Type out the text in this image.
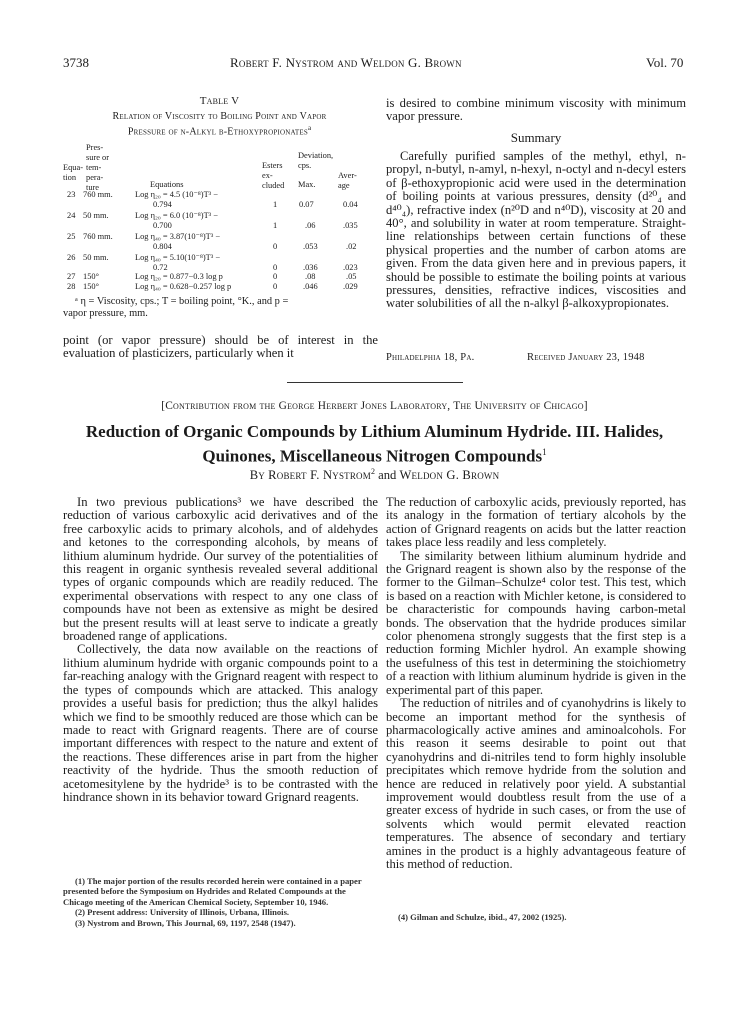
3738	Robert F. Nystrom and Weldon G. Brown	Vol. 70
Table V
Relation of Viscosity to Boiling Point and Vapor
Pressure of n-Alkyl β-Ethoxypropionates$^a$
Equa-
tion
Pres-
sure or
tem-
pera-
ture	Equations
Esters
ex-
cluded
Deviation,
cps.
Max.
Aver-
age
23 760 mm.	Log η₂₀ = 4.5 (10⁻⁸)T³ −
0.794	1	0.07	0.04
24 50 mm.	Log η₂₀ = 6.0 (10⁻⁸)T³ −
0.700	1	.06	.035
25 760 mm.	Log η₄₀ = 3.87(10⁻⁸)T³ −
0.804	0	.053	.02
26 50 mm.	Log η₄₀ = 5.10(10⁻⁸)T³ −
0.72	0	.036	.023
27 150°	Log η₂₀ = 0.877−0.3 log p	0	.08	.05
28 150°	Log η₄₀ = 0.628−0.257 log p	0	.046	.029
ᵃ η = Viscosity, cps.; T = boiling point, °K., and p =
vapor pressure, mm.
point (or vapor pressure) should be of interest in the evaluation of plasticizers, particularly when it
is desired to combine minimum viscosity with minimum vapor pressure.
Summary
Carefully purified samples of the methyl, ethyl, n-propyl, n-butyl, n-amyl, n-hexyl, n-octyl and n-decyl esters of β-ethoxypropionic acid were used in the determination of boiling points at various pressures, density (d²⁰₄ and d⁴⁰₄), refractive index (n²⁰D and n⁴⁰D), viscosity at 20 and 40°, and solubility in water at room temperature. Straight-line relationships between certain functions of these physical properties and the number of carbon atoms are given. From the data given here and in previous papers, it should be possible to estimate the boiling points at various pressures, densities, refractive indices, viscosities and water solubilities of all the n-alkyl β-alkoxypropionates.
Philadelphia 18, Pa.	Received January 23, 1948
[Contribution from the George Herbert Jones Laboratory, The University of Chicago]
Reduction of Organic Compounds by Lithium Aluminum Hydride. III. Halides,
Quinones, Miscellaneous Nitrogen Compounds$^1$
By Robert F. Nystrom$^2$ and Weldon G. Brown

In two previous publications³ we have described the reduction of various carboxylic acid derivatives and of the free carboxylic acids to primary alcohols, and of aldehydes and ketones to the corresponding alcohols, by means of lithium aluminum hydride. Our survey of the potentialities of this reagent in organic synthesis revealed several additional types of organic compounds which are readily reduced. The experimental observations with respect to any one class of compounds have not been as extensive as might be desired but the present results will at least serve to indicate a greatly broadened range of applications.

Collectively, the data now available on the reactions of lithium aluminum hydride with organic compounds point to a far-reaching analogy with the Grignard reagent with respect to the types of compounds which are attacked. This analogy provides a useful basis for prediction; thus the alkyl halides which we find to be smoothly reduced are those which can be made to react with Grignard reagents. There are of course important differences with respect to the nature and extent of the reactions. These differences arise in part from the higher reactivity of the hydride. Thus the smooth reduction of acetomesitylene by the hydride³ is to be contrasted with the hindrance shown in its behavior toward Grignard reagents.

(1) The major portion of the results recorded herein were contained in a paper presented before the Symposium on Hydrides and Related Compounds at the Chicago meeting of the American Chemical Society, September 10, 1946.

(2) Present address: University of Illinois, Urbana, Illinois.

(3) Nystrom and Brown, This Journal, 69, 1197, 2548 (1947).

The reduction of carboxylic acids, previously reported, has its analogy in the formation of tertiary alcohols by the action of Grignard reagents on acids but the latter reaction takes place less readily and less completely.

The similarity between lithium aluminum hydride and the Grignard reagent is shown also by the response of the former to the Gilman–Schulze⁴ color test. This test, which is based on a reaction with Michler ketone, is considered to be characteristic for compounds having carbon-metal bonds. The observation that the hydride produces similar color phenomena strongly suggests that the first step is a reduction forming Michler hydrol. An example showing the usefulness of this test in determining the stoichiometry of a reaction with lithium aluminum hydride is given in the experimental part of this paper.

The reduction of nitriles and of cyanohydrins is likely to become an important method for the synthesis of pharmacologically active amines and aminoalcohols. For this reason it seems desirable to point out that cyanohydrins and di-nitriles tend to form highly insoluble precipitates which remove hydride from the solution and hence are reduced in relatively poor yield. A substantial improvement would doubtless result from the use of a greater excess of hydride in such cases, or from the use of solvents which would permit elevated reaction temperatures. The absence of secondary and tertiary amines in the product is a highly advantageous feature of this method of reduction.

(4) Gilman and Schulze, ibid., 47, 2002 (1925).
